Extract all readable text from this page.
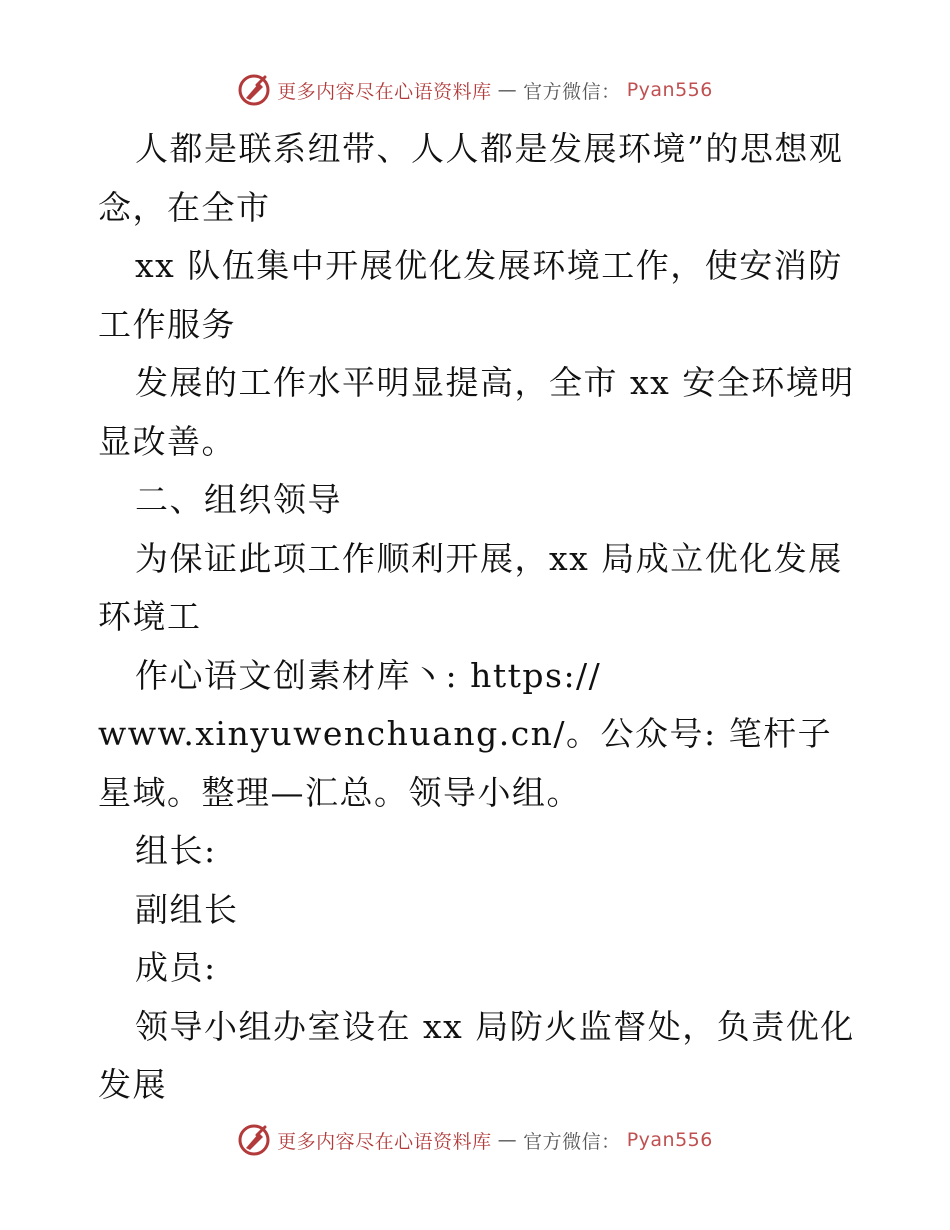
更多内容尽在心语资料库 — 官方微信： Pyan556

人都是联系纽带、人人都是发展环境”的思想观念，在全市

xx 队伍集中开展优化发展环境工作，使安消防工作服务

发展的工作水平明显提高，全市 xx 安全环境明显改善。

二、组织领导

为保证此项工作顺利开展，xx 局成立优化发展环境工

作心语文创素材库丶: https://

www.xinyuwenchuang.cn/。公众号: 笔杆子星域。整理—汇总。领导小组。

组长:

副组长

成员:

领导小组办室设在 xx 局防火监督处，负责优化发展

更多内容尽在心语资料库 — 官方微信： Pyan556
